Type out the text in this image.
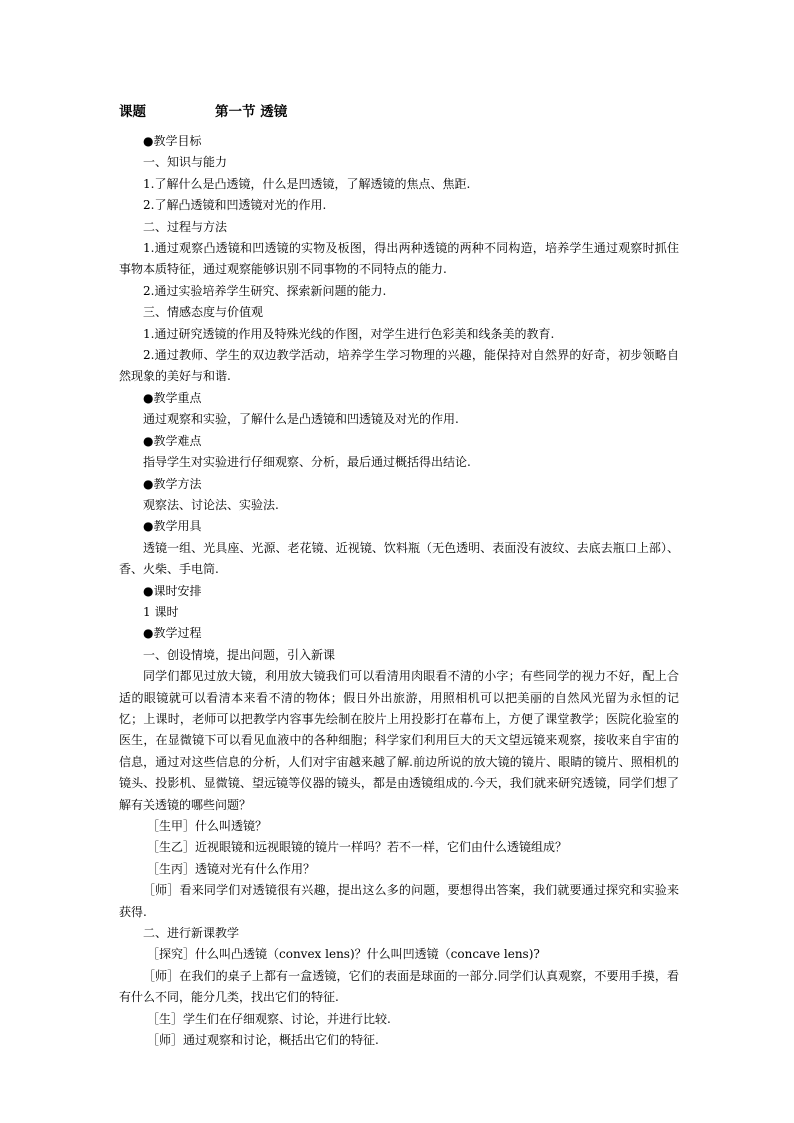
课题	第一节 透镜
●教学目标
一、知识与能力
1.了解什么是凸透镜，什么是凹透镜，了解透镜的焦点、焦距.
2.了解凸透镜和凹透镜对光的作用.
二、过程与方法
1.通过观察凸透镜和凹透镜的实物及板图，得出两种透镜的两种不同构造，培养学生通过观察时抓住事物本质特征，通过观察能够识别不同事物的不同特点的能力.
2.通过实验培养学生研究、探索新问题的能力.
三、情感态度与价值观
1.通过研究透镜的作用及特殊光线的作图，对学生进行色彩美和线条美的教育.
2.通过教师、学生的双边教学活动，培养学生学习物理的兴趣，能保持对自然界的好奇，初步领略自然现象的美好与和谐.
●教学重点
通过观察和实验，了解什么是凸透镜和凹透镜及对光的作用.
●教学难点
指导学生对实验进行仔细观察、分析，最后通过概括得出结论.
●教学方法
观察法、讨论法、实验法.
●教学用具
透镜一组、光具座、光源、老花镜、近视镜、饮料瓶（无色透明、表面没有波纹、去底去瓶口上部）、香、火柴、手电筒.
●课时安排
1 课时
●教学过程
一、创设情境，提出问题，引入新课
同学们都见过放大镜，利用放大镜我们可以看清用肉眼看不清的小字；有些同学的视力不好，配上合适的眼镜就可以看清本来看不清的物体；假日外出旅游，用照相机可以把美丽的自然风光留为永恒的记忆；上课时，老师可以把教学内容事先绘制在胶片上用投影打在幕布上，方便了课堂教学；医院化验室的医生，在显微镜下可以看见血液中的各种细胞；科学家们利用巨大的天文望远镜来观察，接收来自宇宙的信息，通过对这些信息的分析，人们对宇宙越来越了解.前边所说的放大镜的镜片、眼睛的镜片、照相机的镜头、投影机、显微镜、望远镜等仪器的镜头，都是由透镜组成的.今天，我们就来研究透镜，同学们想了解有关透镜的哪些问题？
［生甲］什么叫透镜？
［生乙］近视眼镜和远视眼镜的镜片一样吗？若不一样，它们由什么透镜组成？
［生丙］透镜对光有什么作用？
［师］看来同学们对透镜很有兴趣，提出这么多的问题，要想得出答案，我们就要通过探究和实验来获得.
二、进行新课教学
［探究］什么叫凸透镜（convex lens)？什么叫凹透镜（concave lens)?
［师］在我们的桌子上都有一盒透镜，它们的表面是球面的一部分.同学们认真观察，不要用手摸，看有什么不同，能分几类，找出它们的特征.
［生］学生们在仔细观察、讨论，并进行比较.
［师］通过观察和讨论，概括出它们的特征.
